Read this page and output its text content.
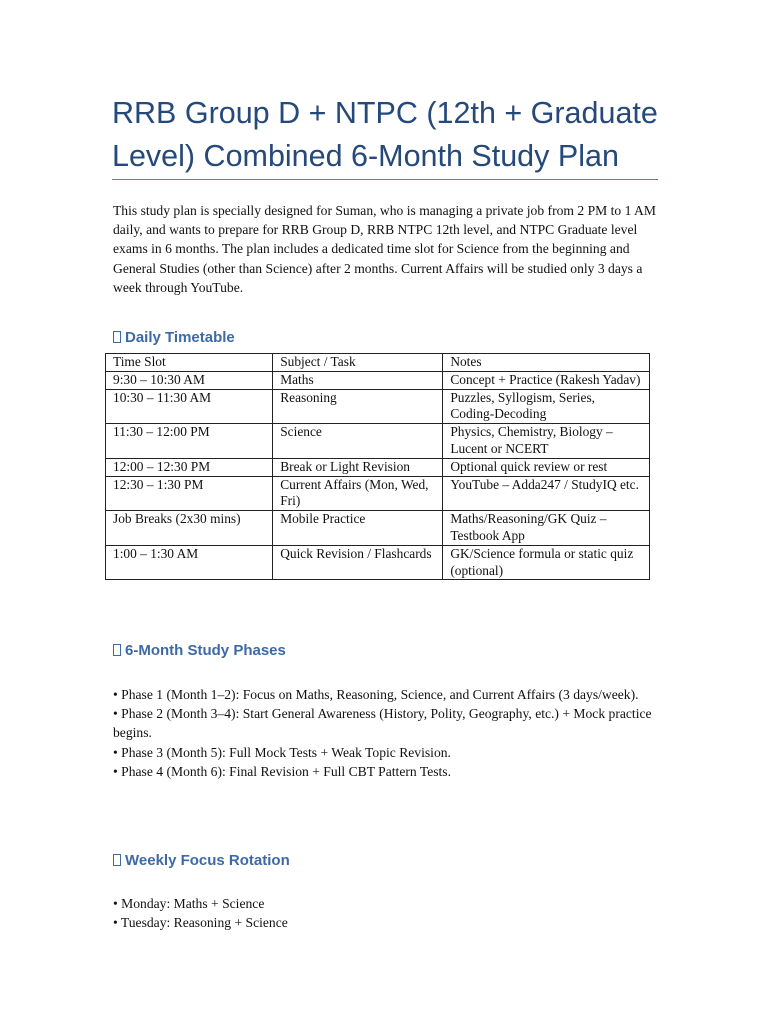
RRB Group D + NTPC (12th + Graduate Level) Combined 6-Month Study Plan

This study plan is specially designed for Suman, who is managing a private job from 2 PM to 1 AM daily, and wants to prepare for RRB Group D, RRB NTPC 12th level, and NTPC Graduate level exams in 6 months. The plan includes a dedicated time slot for Science from the beginning and General Studies (other than Science) after 2 months. Current Affairs will be studied only 3 days a week through YouTube.

Daily Timetable
Time Slot	Subject / Task	Notes
9:30 – 10:30 AM	Maths	Concept + Practice (Rakesh Yadav)
10:30 – 11:30 AM	Reasoning	Puzzles, Syllogism, Series, Coding-Decoding
11:30 – 12:00 PM	Science	Physics, Chemistry, Biology – Lucent or NCERT
12:00 – 12:30 PM	Break or Light Revision	Optional quick review or rest
12:30 – 1:30 PM	Current Affairs (Mon, Wed, Fri)	YouTube – Adda247 / StudyIQ etc.
Job Breaks (2x30 mins)	Mobile Practice	Maths/Reasoning/GK Quiz – Testbook App
1:00 – 1:30 AM	Quick Revision / Flashcards	GK/Science formula or static quiz (optional)
6-Month Study Phases
• Phase 1 (Month 1–2): Focus on Maths, Reasoning, Science, and Current Affairs (3 days/week).
• Phase 2 (Month 3–4): Start General Awareness (History, Polity, Geography, etc.) + Mock practice begins.
• Phase 3 (Month 5): Full Mock Tests + Weak Topic Revision.
• Phase 4 (Month 6): Final Revision + Full CBT Pattern Tests.
Weekly Focus Rotation
• Monday: Maths + Science
• Tuesday: Reasoning + Science
